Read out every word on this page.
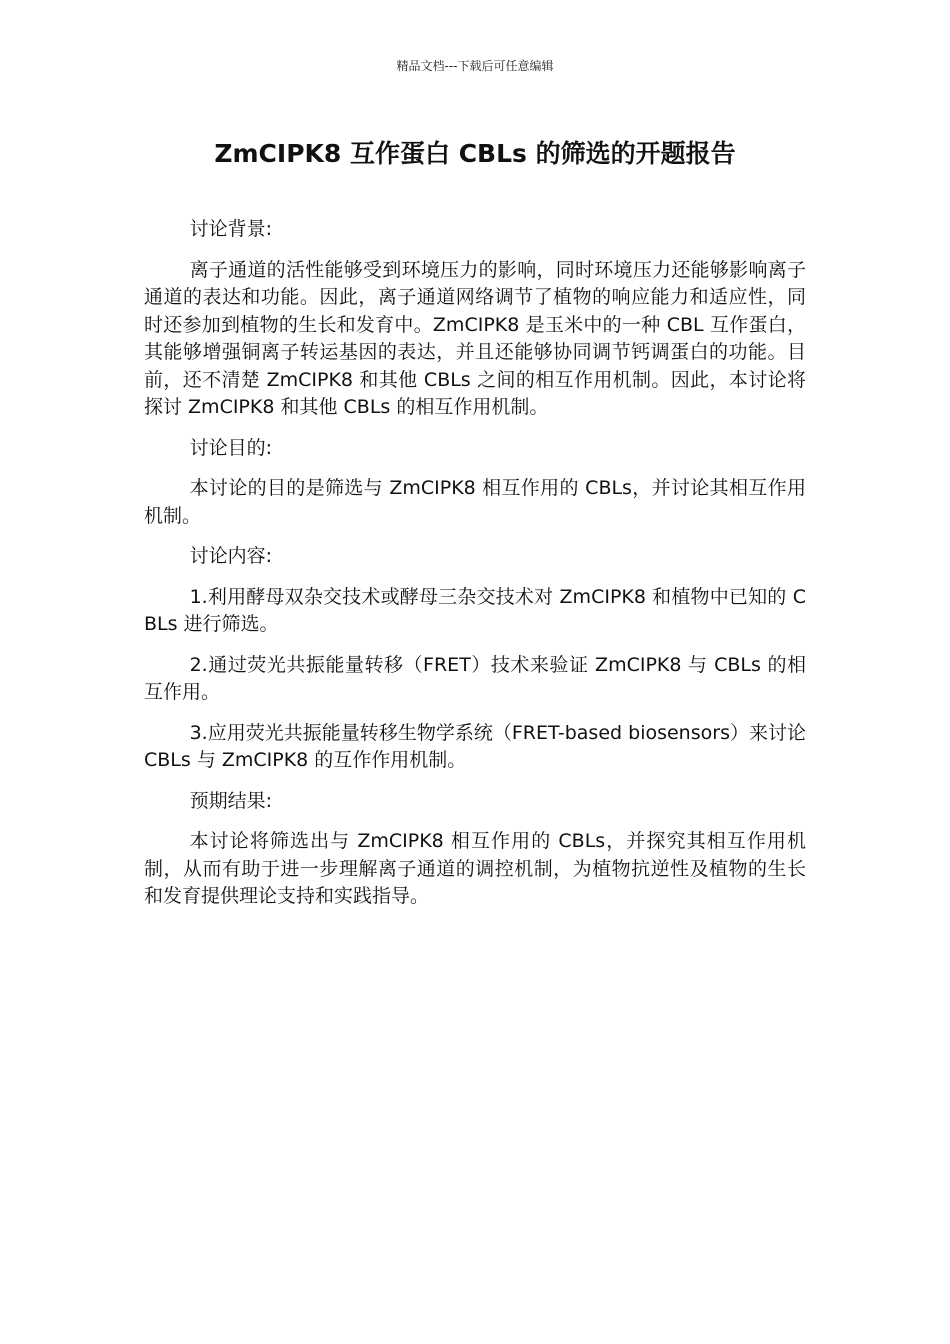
精品文档---下载后可任意编辑
ZmCIPK8 互作蛋白 CBLs 的筛选的开题报告

讨论背景:

离子通道的活性能够受到环境压力的影响，同时环境压力还能够影响离子通道的表达和功能。因此，离子通道网络调节了植物的响应能力和适应性，同时还参加到植物的生长和发育中。ZmCIPK8 是玉米中的一种 CBL 互作蛋白，其能够增强铜离子转运基因的表达，并且还能够协同调节钙调蛋白的功能。目前，还不清楚 ZmCIPK8 和其他 CBLs 之间的相互作用机制。因此，本讨论将探讨 ZmCIPK8 和其他 CBLs 的相互作用机制。

讨论目的:

本讨论的目的是筛选与 ZmCIPK8 相互作用的 CBLs，并讨论其相互作用机制。

讨论内容:

1.利用酵母双杂交技术或酵母三杂交技术对 ZmCIPK8 和植物中已知的 CBLs 进行筛选。

2.通过荧光共振能量转移（FRET）技术来验证 ZmCIPK8 与 CBLs 的相互作用。

3.应用荧光共振能量转移生物学系统（FRET-based biosensors）来讨论 CBLs 与 ZmCIPK8 的互作作用机制。

预期结果:

本讨论将筛选出与 ZmCIPK8 相互作用的 CBLs，并探究其相互作用机制，从而有助于进一步理解离子通道的调控机制，为植物抗逆性及植物的生长和发育提供理论支持和实践指导。
